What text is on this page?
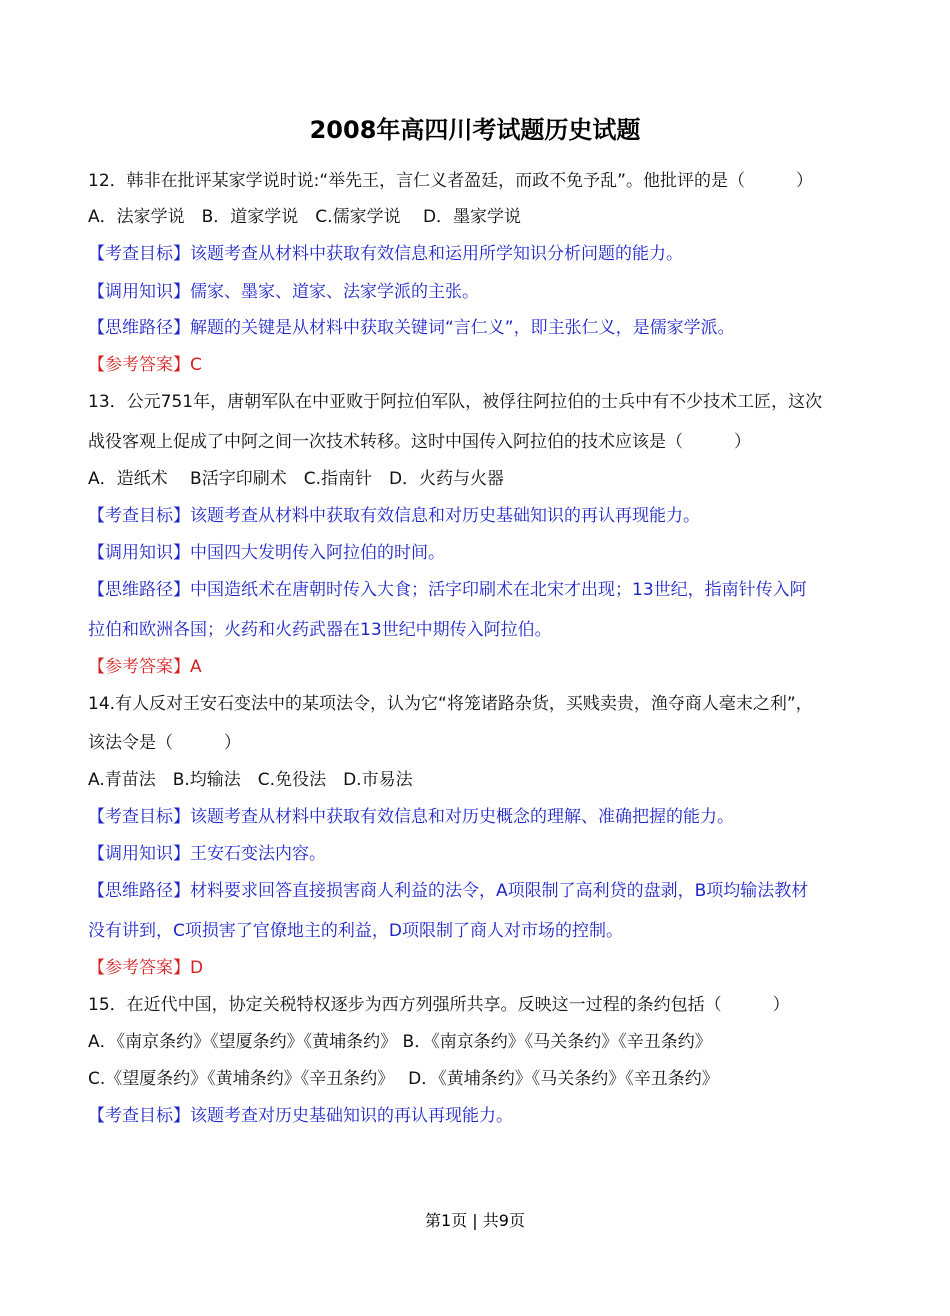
2008年高四川考试题历史试题
12．韩非在批评某家学说时说:“举先王，言仁义者盈廷，而政不免予乱”。他批评的是（　　　）
A．法家学说　B．道家学说　C.儒家学说　 D．墨家学说
【考查目标】该题考查从材料中获取有效信息和运用所学知识分析问题的能力。
【调用知识】儒家、墨家、道家、法家学派的主张。
【思维路径】解题的关键是从材料中获取关键词“言仁义”，即主张仁义，是儒家学派。
【参考答案】C
13．公元751年，唐朝军队在中亚败于阿拉伯军队，被俘往阿拉伯的士兵中有不少技术工匠，这次
战役客观上促成了中阿之间一次技术转移。这时中国传入阿拉伯的技术应该是（　　　）
A．造纸术　 B活字印刷术　C.指南针　D．火药与火器
【考查目标】该题考查从材料中获取有效信息和对历史基础知识的再认再现能力。
【调用知识】中国四大发明传入阿拉伯的时间。
【思维路径】中国造纸术在唐朝时传入大食；活字印刷术在北宋才出现；13世纪，指南针传入阿
拉伯和欧洲各国；火药和火药武器在13世纪中期传入阿拉伯。
【参考答案】A
14.有人反对王安石变法中的某项法令，认为它“将笼诸路杂货，买贱卖贵，渔夺商人毫末之利”，
该法令是（　　　）
A.青苗法　B.均输法　C.免役法　D.市易法
【考查目标】该题考查从材料中获取有效信息和对历史概念的理解、准确把握的能力。
【调用知识】王安石变法内容。
【思维路径】材料要求回答直接损害商人利益的法令，A项限制了高利贷的盘剥，B项均输法教材
没有讲到，C项损害了官僚地主的利益，D项限制了商人对市场的控制。
【参考答案】D
15．在近代中国，协定关税特权逐步为西方列强所共享。反映这一过程的条约包括（　　　）
A．《南京条约》《望厦条约》《黄埔条约》 B．《南京条约》《马关条约》《辛丑条约》
C.《望厦条约》《黄埔条约》《辛丑条约》　 D．《黄埔条约》《马关条约》《辛丑条约》
【考查目标】该题考查对历史基础知识的再认再现能力。
第1页 | 共9页
